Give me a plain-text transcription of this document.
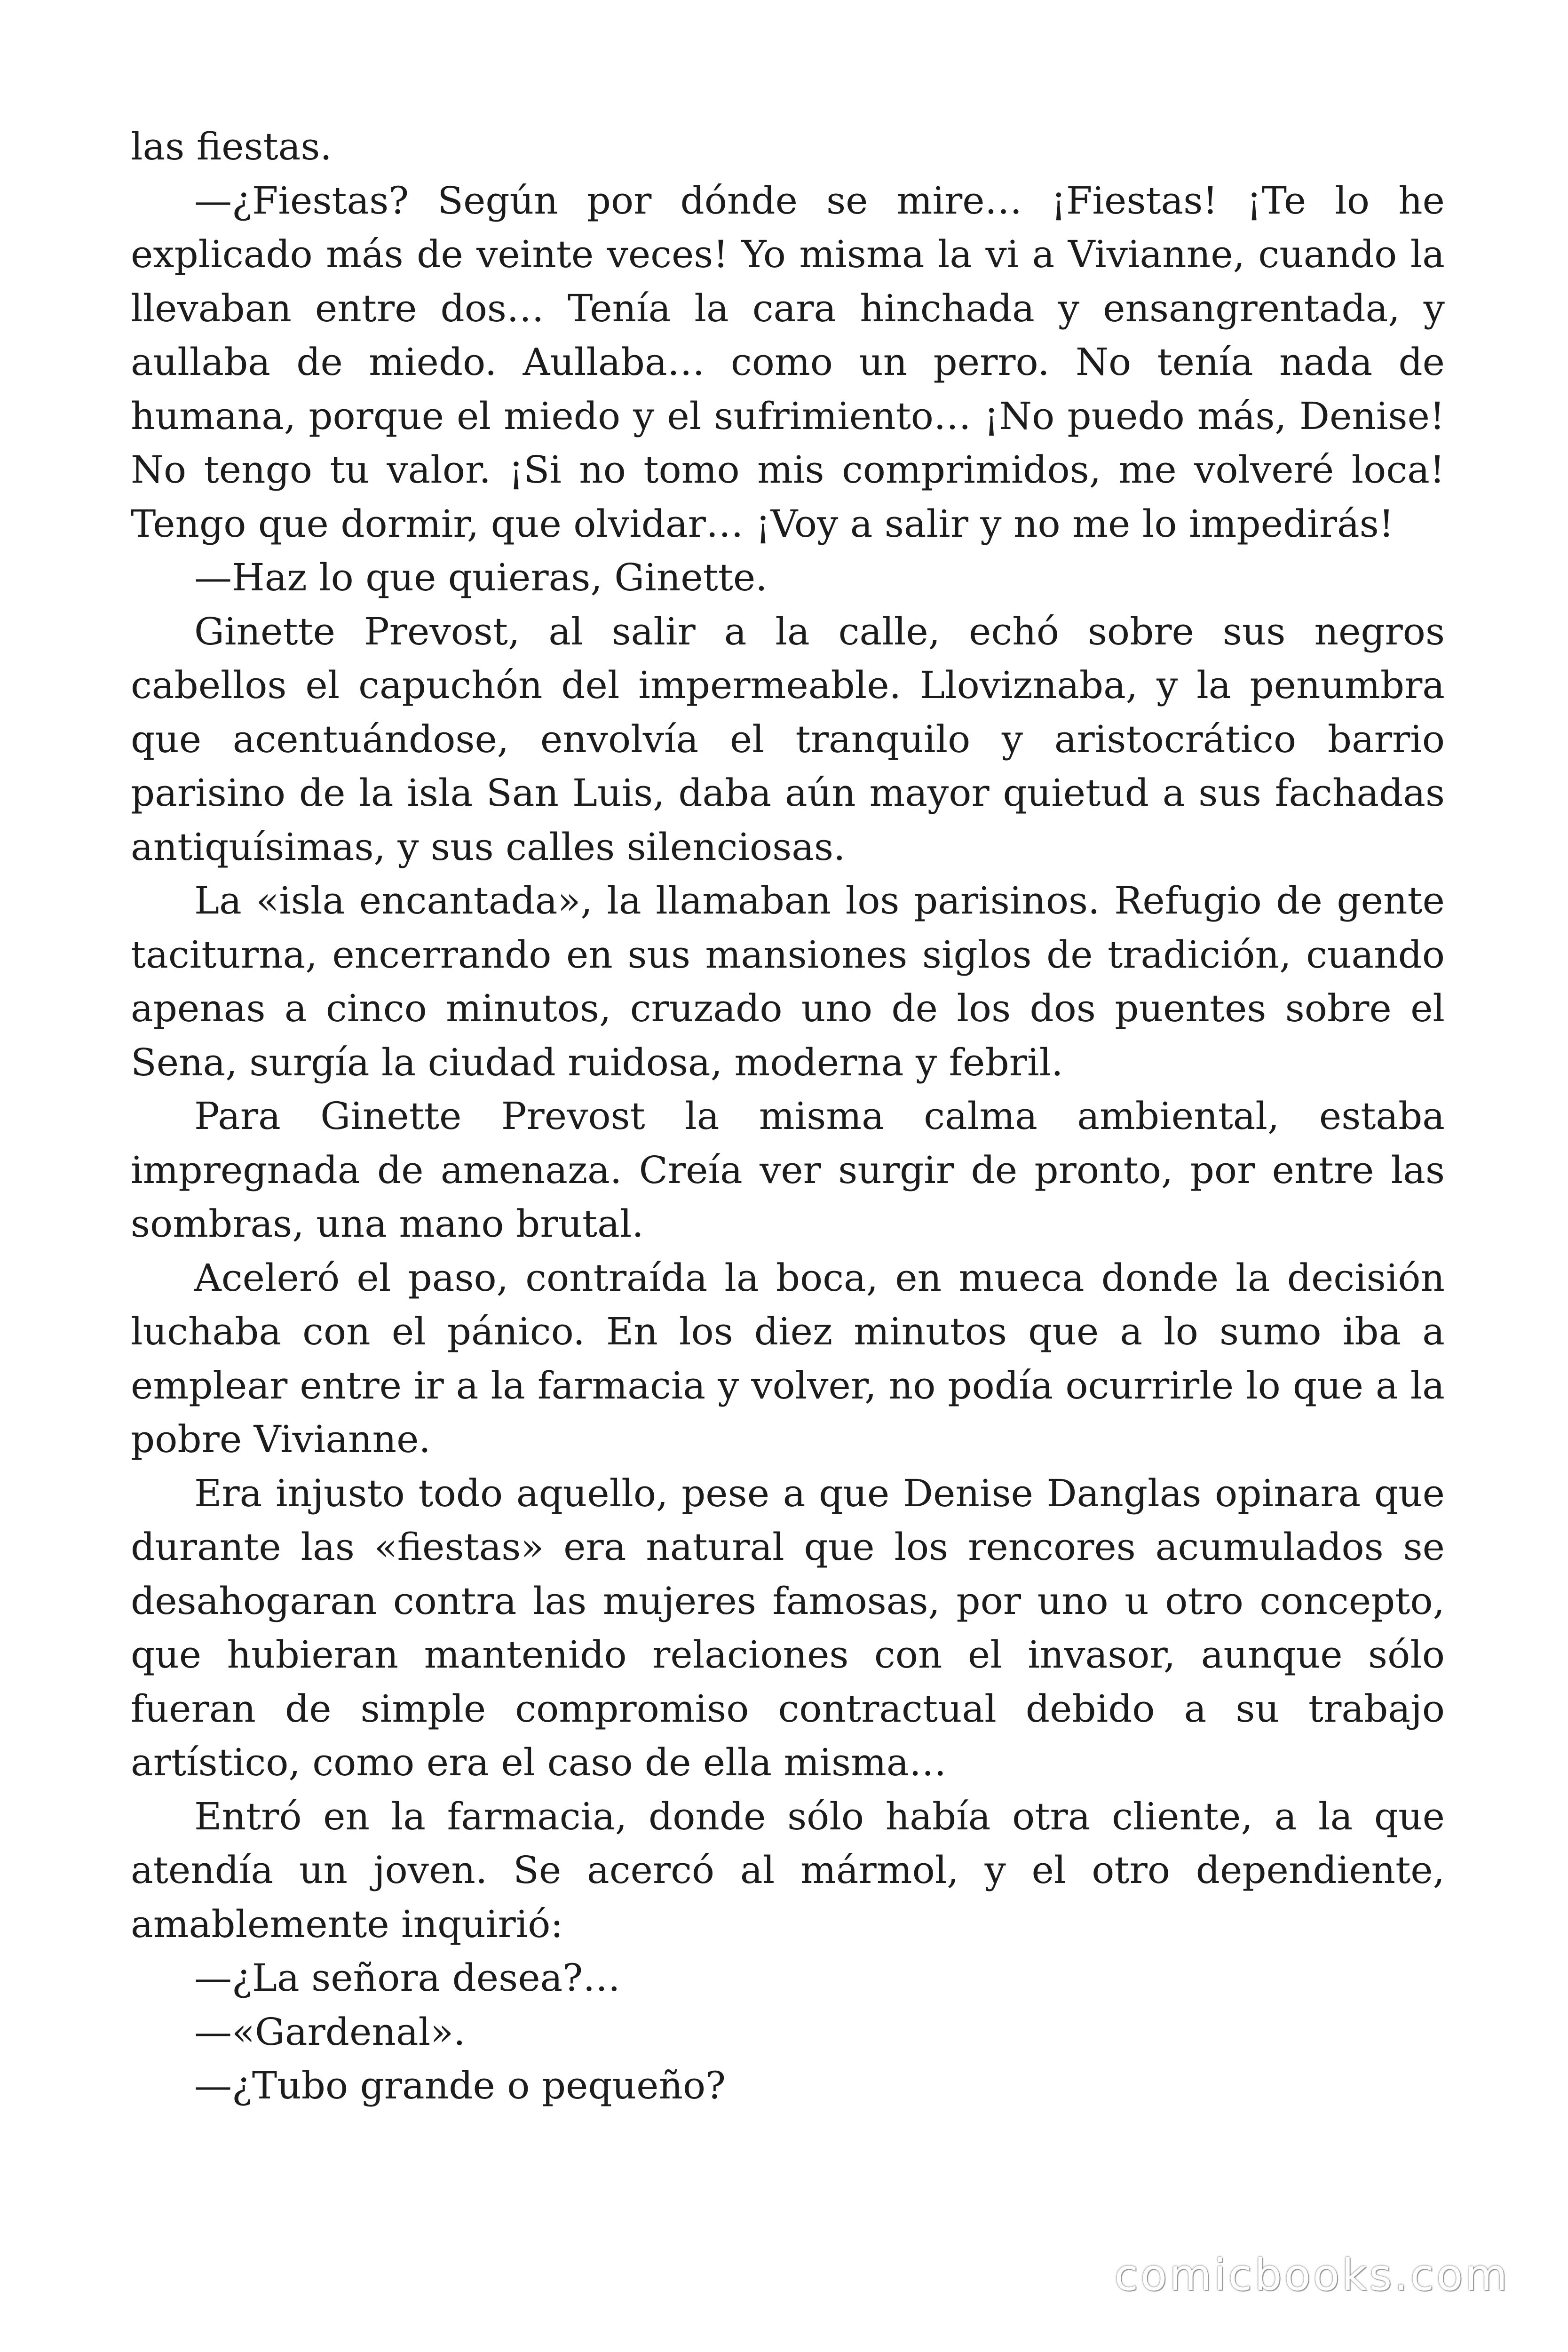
las fiestas.

—¿Fiestas? Según por dónde se mire… ¡Fiestas! ¡Te lo he explicado más de veinte veces! Yo misma la vi a Vivianne, cuando la llevaban entre dos… Tenía la cara hinchada y ensangrentada, y aullaba de miedo. Aullaba… como un perro. No tenía nada de humana, porque el miedo y el sufrimiento… ¡No puedo más, Denise! No tengo tu valor. ¡Si no tomo mis comprimidos, me volveré loca! Tengo que dormir, que olvidar… ¡Voy a salir y no me lo impedirás!

—Haz lo que quieras, Ginette.

Ginette Prevost, al salir a la calle, echó sobre sus negros cabellos el capuchón del impermeable. Lloviznaba, y la penumbra que acentuándose, envolvía el tranquilo y aristocrático barrio parisino de la isla San Luis, daba aún mayor quietud a sus fachadas antiquísimas, y sus calles silenciosas.

La «isla encantada», la llamaban los parisinos. Refugio de gente taciturna, encerrando en sus mansiones siglos de tradición, cuando apenas a cinco minutos, cruzado uno de los dos puentes sobre el Sena, surgía la ciudad ruidosa, moderna y febril.

Para Ginette Prevost la misma calma ambiental, estaba impregnada de amenaza. Creía ver surgir de pronto, por entre las sombras, una mano brutal.

Aceleró el paso, contraída la boca, en mueca donde la decisión luchaba con el pánico. En los diez minutos que a lo sumo iba a emplear entre ir a la farmacia y volver, no podía ocurrirle lo que a la pobre Vivianne.

Era injusto todo aquello, pese a que Denise Danglas opinara que durante las «fiestas» era natural que los rencores acumulados se desahogaran contra las mujeres famosas, por uno u otro concepto, que hubieran mantenido relaciones con el invasor, aunque sólo fueran de simple compromiso contractual debido a su trabajo artístico, como era el caso de ella misma…

Entró en la farmacia, donde sólo había otra cliente, a la que atendía un joven. Se acercó al mármol, y el otro dependiente, amablemente inquirió:

—¿La señora desea?…

—«Gardenal».

—¿Tubo grande o pequeño?

comicbooks.com
